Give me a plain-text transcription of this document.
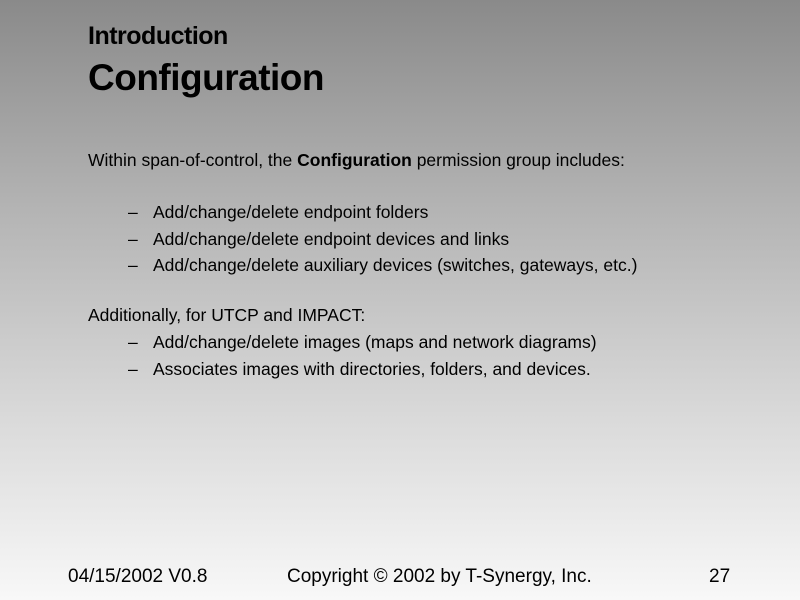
Introduction
Configuration
Within span-of-control, the Configuration permission group includes:
– Add/change/delete endpoint folders
– Add/change/delete endpoint devices and links
– Add/change/delete auxiliary devices (switches, gateways, etc.)
Additionally, for UTCP and IMPACT:
– Add/change/delete images (maps and network diagrams)
– Associates images with directories, folders, and devices.
04/15/2002 V0.8	Copyright © 2002 by T-Synergy, Inc.	27
